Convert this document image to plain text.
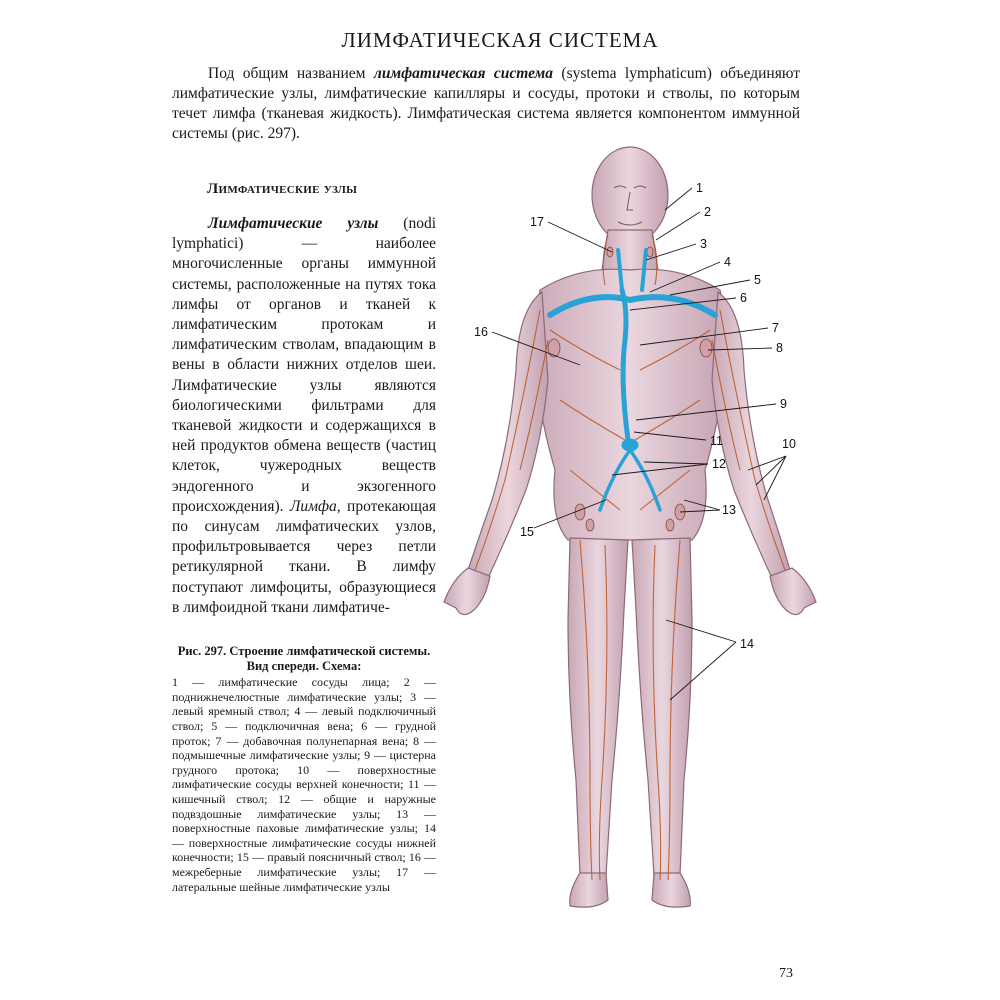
ЛИМФАТИЧЕСКАЯ СИСТЕМА

Под общим названием лимфатическая система (systema lymphaticum) объединяют лимфатические узлы, лимфатические капилляры и сосуды, протоки и стволы, по которым течет лимфа (тканевая жидкость). Лимфатическая система является компонентом иммунной системы (рис. 297).

Лимфатические узлы

Лимфатические узлы (nodi lymphatici) — наиболее многочисленные органы иммунной системы, расположенные на путях тока лимфы от органов и тканей к лимфатическим протокам и лимфатическим стволам, впадающим в вены в области нижних отделов шеи. Лимфатические узлы являются биологическими фильтрами для тканевой жидкости и содержащихся в ней продуктов обмена веществ (частиц клеток, чужеродных веществ эндогенного и экзогенного происхождения). Лимфа, протекающая по синусам лимфатических узлов, профильтровывается через петли ретикулярной ткани. В лимфу поступают лимфоциты, образующиеся в лимфоидной ткани лимфатиче-

Рис. 297. Строение лимфатической системы. Вид спереди. Схема:
1 — лимфатические сосуды лица; 2 — поднижнечелюстные лимфатические узлы; 3 — левый яремный ствол; 4 — левый подключичный ствол; 5 — подключичная вена; 6 — грудной проток; 7 — добавочная полунепарная вена; 8 — подмышечные лимфатические узлы; 9 — цистерна грудного протока; 10 — поверхностные лимфатические сосуды верхней конечности; 11 — кишечный ствол; 12 — общие и наружные подвздошные лимфатические узлы; 13 — поверхностные паховые лимфатические узлы; 14 — поверхностные лимфатические сосуды нижней конечности; 15 — правый поясничный ствол; 16 — межреберные лимфатические узлы; 17 — латеральные шейные лимфатические узлы
73
1
2
3
4
5
6
7
8
9
10
11
12
13
14
15
16
17
